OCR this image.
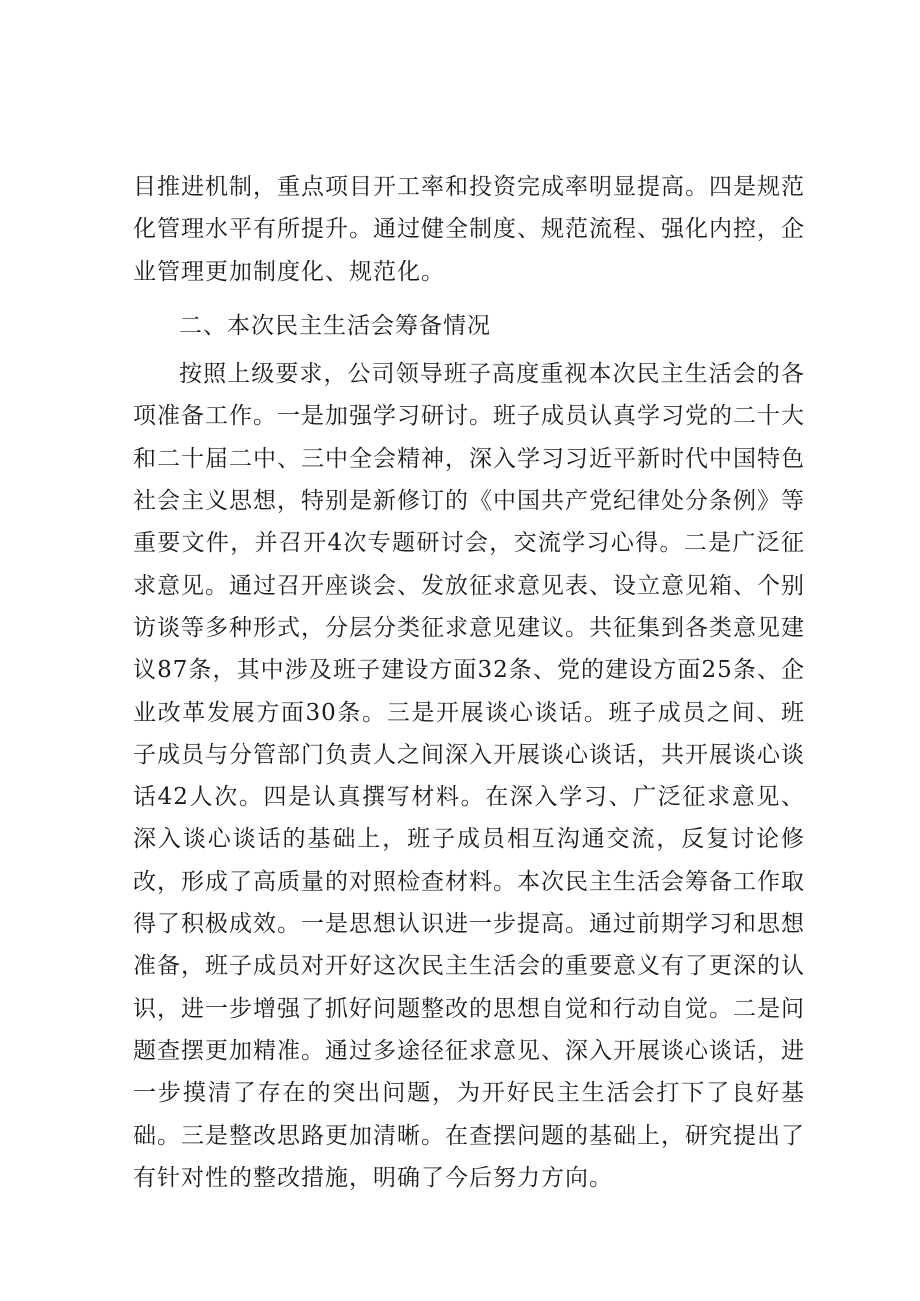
目推进机制，重点项目开工率和投资完成率明显提高。四是规范化管理水平有所提升。通过健全制度、规范流程、强化内控，企业管理更加制度化、规范化。

二、本次民主生活会筹备情况

按照上级要求，公司领导班子高度重视本次民主生活会的各项准备工作。一是加强学习研讨。班子成员认真学习党的二十大和二十届二中、三中全会精神，深入学习习近平新时代中国特色社会主义思想，特别是新修订的《中国共产党纪律处分条例》等重要文件，并召开4次专题研讨会，交流学习心得。二是广泛征求意见。通过召开座谈会、发放征求意见表、设立意见箱、个别访谈等多种形式，分层分类征求意见建议。共征集到各类意见建议87条，其中涉及班子建设方面32条、党的建设方面25条、企业改革发展方面30条。三是开展谈心谈话。班子成员之间、班子成员与分管部门负责人之间深入开展谈心谈话，共开展谈心谈话42人次。四是认真撰写材料。在深入学习、广泛征求意见、深入谈心谈话的基础上，班子成员相互沟通交流，反复讨论修改，形成了高质量的对照检查材料。本次民主生活会筹备工作取得了积极成效。一是思想认识进一步提高。通过前期学习和思想准备，班子成员对开好这次民主生活会的重要意义有了更深的认识，进一步增强了抓好问题整改的思想自觉和行动自觉。二是问题查摆更加精准。通过多途径征求意见、深入开展谈心谈话，进一步摸清了存在的突出问题，为开好民主生活会打下了良好基础。三是整改思路更加清晰。在查摆问题的基础上，研究提出了有针对性的整改措施，明确了今后努力方向。
